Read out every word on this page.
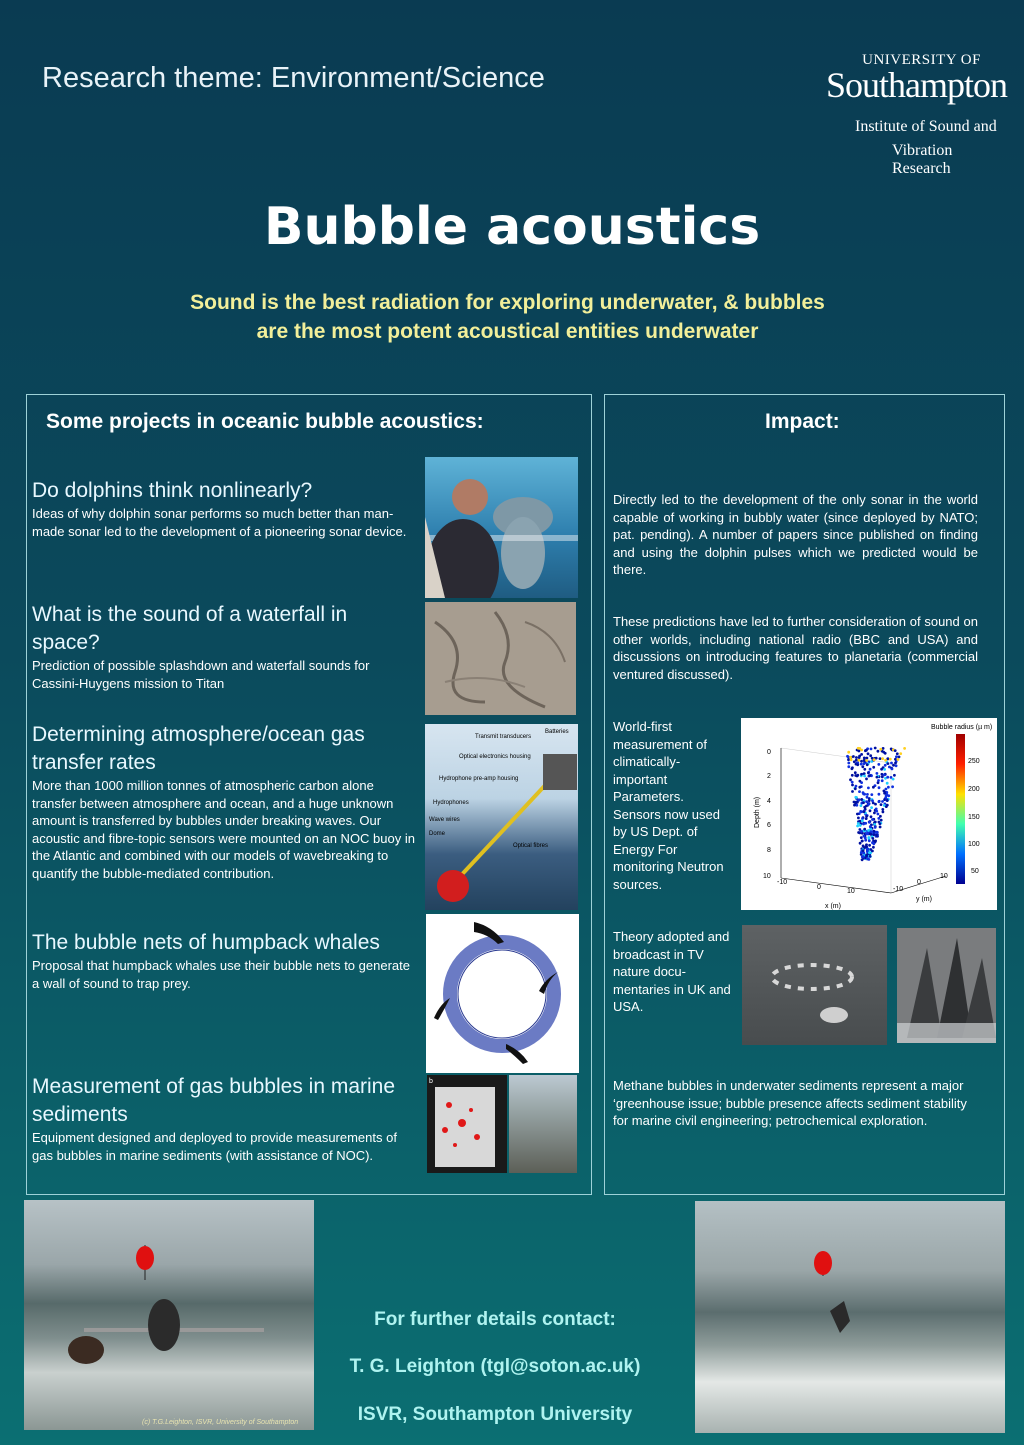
Research theme: Environment/Science
UNIVERSITY OF
Southampton
Institute of Sound and
Vibration Research
Bubble acoustics
Sound is the best radiation for exploring underwater, & bubbles
are the most potent acoustical entities underwater
Some projects in oceanic bubble acoustics:	Impact:
Do dolphins think nonlinearly?

Ideas of why dolphin sonar performs so much better than man-made sonar led to the development of a pioneering sonar device.

What is the sound of a waterfall in space?

Prediction of possible splashdown and waterfall sounds for Cassini-Huygens mission to Titan

Determining atmosphere/ocean gas transfer rates

More than 1000 million tonnes of atmospheric carbon alone transfer between atmosphere and ocean, and a huge unknown amount is transferred by bubbles under breaking waves. Our acoustic and fibre-topic sensors were mounted on an NOC buoy in the Atlantic and combined with our models of wavebreaking to quantify the bubble-mediated contribution.

The bubble nets of humpback whales

Proposal that humpback whales use their bubble nets to generate a wall of sound to trap prey.

Measurement of gas bubbles in marine sediments

Equipment designed and deployed to provide measurements of gas bubbles in marine sediments (with assistance of NOC).

Transmit transducers
Batteries
Optical electronics housing
Hydrophone pre-amp housing
Hydrophones
Wave wires
Dome
Optical fibres
b
Directly led to the development of the only sonar in the world capable of working in bubbly water (since deployed by NATO; pat. pending). A number of papers since published on finding and using the dolphin pulses which we predicted would be there.
These predictions have led to further consideration of sound on other worlds, including national radio (BBC and USA) and discussions on introducing features to planetaria (commercial ventured discussed).
World-first measurement of climatically-important Parameters. Sensors now used by US Dept. of Energy For monitoring Neutron sources.
Theory adopted and broadcast in TV nature docu-mentaries in UK and USA.
Methane bubbles in underwater sediments represent a major ‘greenhouse issue; bubble presence affects sediment stability for marine civil engineering; petrochemical exploration.
0
2
4
6
8
10
Depth (m)
-10
0
10
x (m)
-10
0
10
y (m)
Bubble radius (µ m)
250
200
150
100
50
(c) T.G.Leighton, ISVR, University of Southampton
For further details contact:
T. G. Leighton (tgl@soton.ac.uk)
ISVR, Southampton University
